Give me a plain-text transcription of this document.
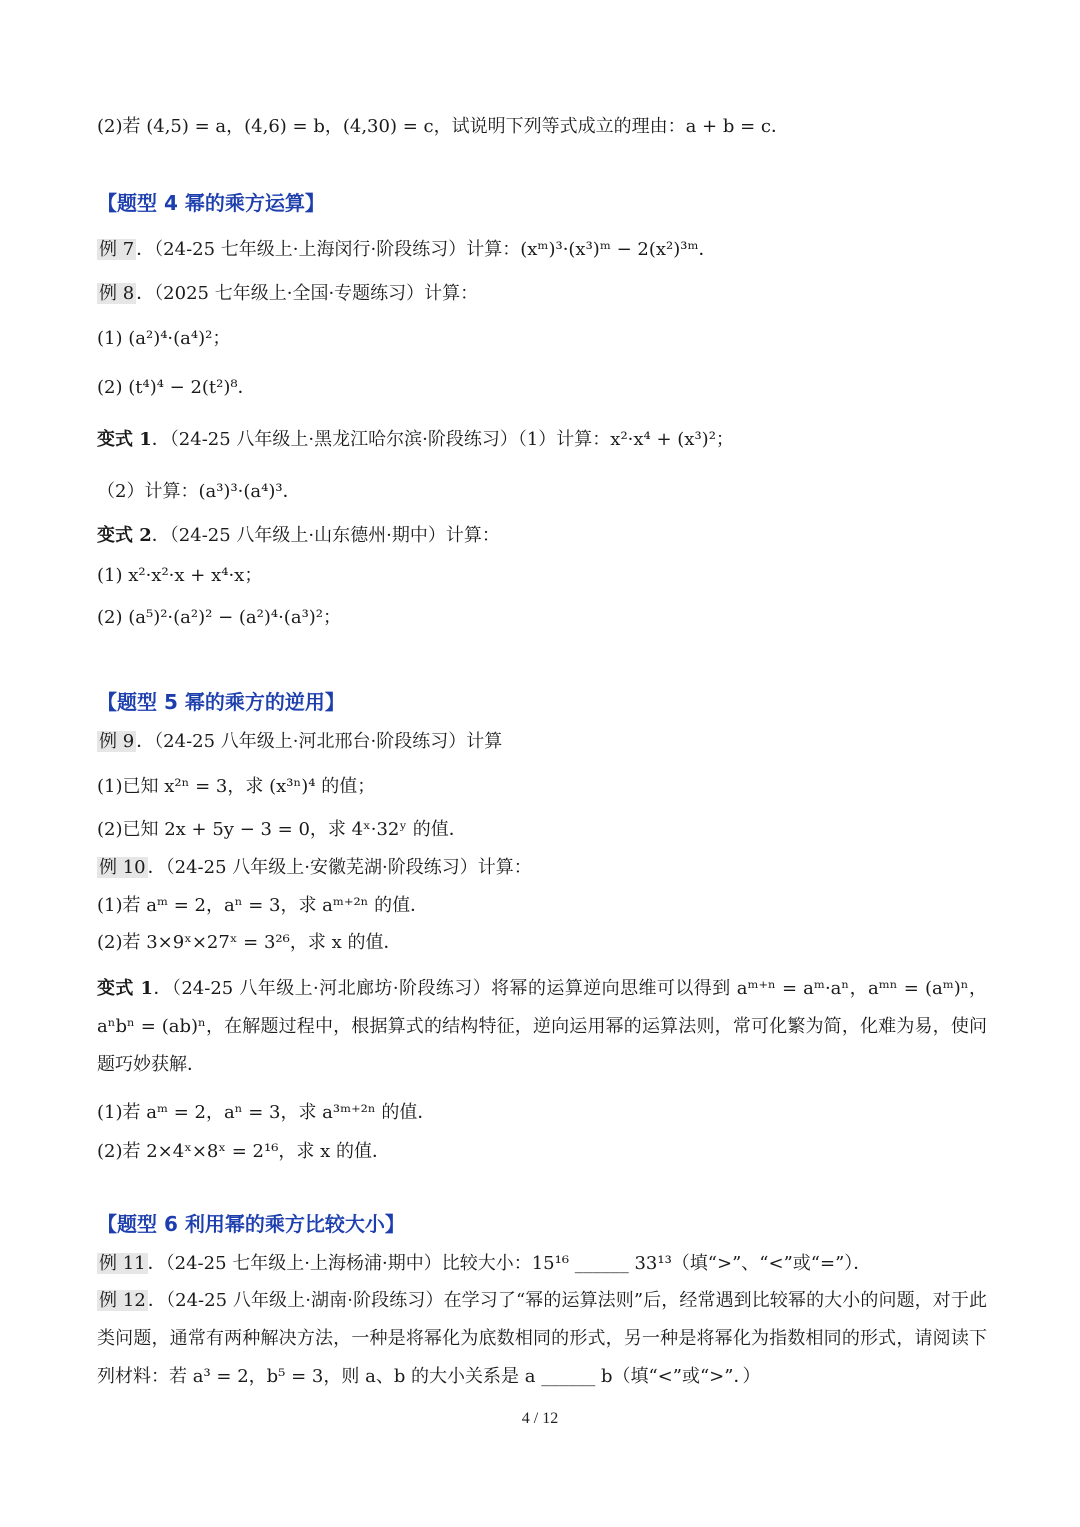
(2)若 (4,5) = a，(4,6) = b，(4,30) = c，试说明下列等式成立的理由：a + b = c．
【题型 4 幂的乘方运算】
例 7 ．（24-25 七年级上·上海闵行·阶段练习）计算：(xᵐ)³·(x³)ᵐ − 2(x²)³ᵐ．
例 8 ．（2025 七年级上·全国·专题练习）计算：
(1) (a²)⁴·(a⁴)²；
(2) (t⁴)⁴ − 2(t²)⁸．
变式 1．（24-25 八年级上·黑龙江哈尔滨·阶段练习）（1）计算：x²·x⁴ + (x³)²；
（2）计算：(a³)³·(a⁴)³．
变式 2．（24-25 八年级上·山东德州·期中）计算：
(1) x²·x²·x + x⁴·x；
(2) (a⁵)²·(a²)² − (a²)⁴·(a³)²；
【题型 5 幂的乘方的逆用】
例 9 ．（24-25 八年级上·河北邢台·阶段练习）计算
(1)已知 x²ⁿ = 3，求 (x³ⁿ)⁴ 的值；
(2)已知 2x + 5y − 3 = 0，求 4ˣ·32ʸ 的值．
例 10 ．（24-25 八年级上·安徽芜湖·阶段练习）计算：
(1)若 aᵐ = 2，aⁿ = 3，求 aᵐ⁺²ⁿ 的值．
(2)若 3×9ˣ×27ˣ = 3²⁶，求 x 的值．
变式 1．（24-25 八年级上·河北廊坊·阶段练习）将幂的运算逆向思维可以得到 aᵐ⁺ⁿ = aᵐ·aⁿ，aᵐⁿ = (aᵐ)ⁿ，aⁿbⁿ = (ab)ⁿ，在解题过程中，根据算式的结构特征，逆向运用幂的运算法则，常可化繁为简，化难为易，使问题巧妙获解．
(1)若 aᵐ = 2，aⁿ = 3，求 a³ᵐ⁺²ⁿ 的值．
(2)若 2×4ˣ×8ˣ = 2¹⁶，求 x 的值．
【题型 6 利用幂的乘方比较大小】
例 11 ．（24-25 七年级上·上海杨浦·期中）比较大小：15¹⁶ ______ 33¹³（填“>”、“<”或“=”）．
例 12 ．（24-25 八年级上·湖南·阶段练习）在学习了“幂的运算法则”后，经常遇到比较幂的大小的问题，对于此类问题，通常有两种解决方法，一种是将幂化为底数相同的形式，另一种是将幂化为指数相同的形式，请阅读下列材料：若 a³ = 2，b⁵ = 3，则 a、b 的大小关系是 a ______ b（填“<”或“>”．）
4 / 12
